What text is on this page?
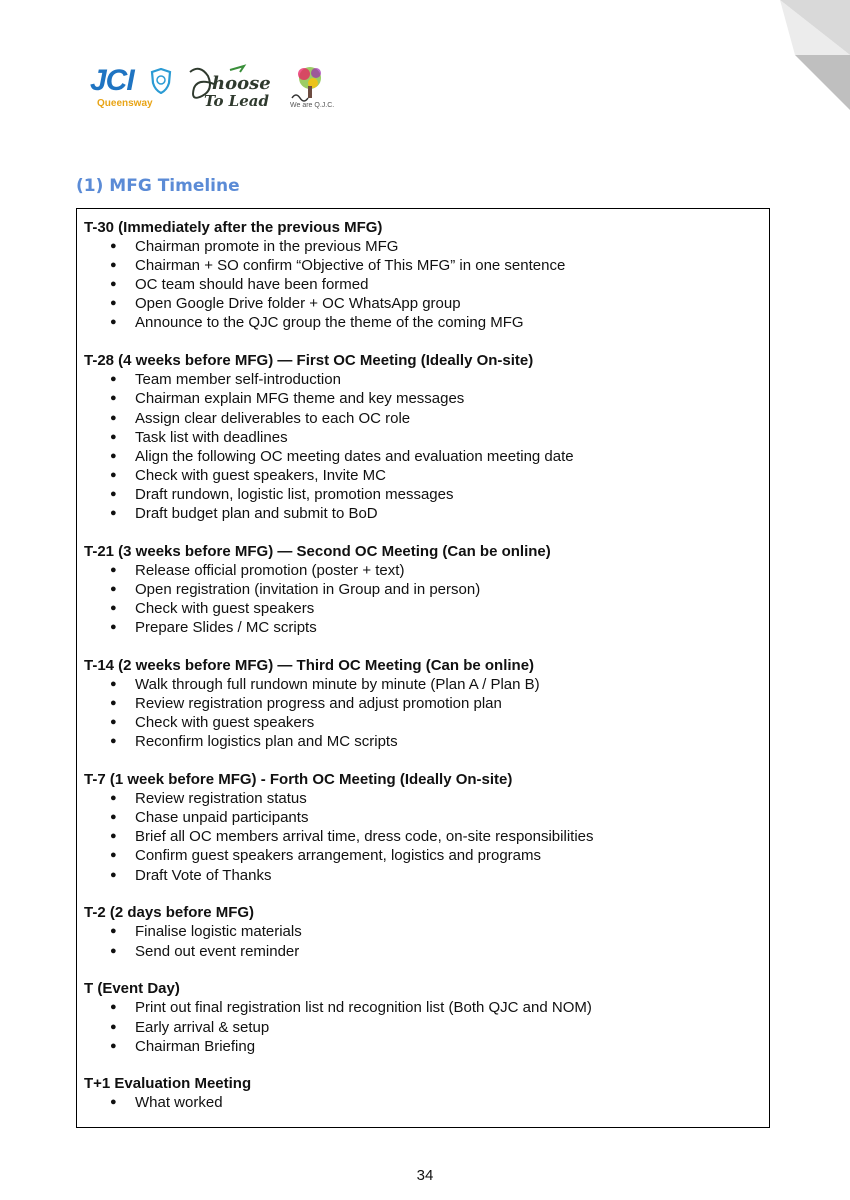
JCI
Queensway
hoose
To Lead	We are Q.J.C.
(1) MFG Timeline
T-30 (Immediately after the previous MFG)
● Chairman promote in the previous MFG
● Chairman + SO confirm “Objective of This MFG” in one sentence
● OC team should have been formed
● Open Google Drive folder + OC WhatsApp group
● Announce to the QJC group the theme of the coming MFG
T-28 (4 weeks before MFG) — First OC Meeting (Ideally On-site)
● Team member self-introduction
● Chairman explain MFG theme and key messages
● Assign clear deliverables to each OC role
● Task list with deadlines
● Align the following OC meeting dates and evaluation meeting date
● Check with guest speakers, Invite MC
● Draft rundown, logistic list, promotion messages
● Draft budget plan and submit to BoD
T-21 (3 weeks before MFG) — Second OC Meeting (Can be online)
● Release official promotion (poster + text)
● Open registration (invitation in Group and in person)
● Check with guest speakers
● Prepare Slides / MC scripts
T-14 (2 weeks before MFG) — Third OC Meeting (Can be online)
● Walk through full rundown minute by minute (Plan A / Plan B)
● Review registration progress and adjust promotion plan
● Check with guest speakers
● Reconfirm logistics plan and MC scripts
T-7 (1 week before MFG) - Forth OC Meeting (Ideally On-site)
● Review registration status
● Chase unpaid participants
● Brief all OC members arrival time, dress code, on-site responsibilities
● Confirm guest speakers arrangement, logistics and programs
● Draft Vote of Thanks
T-2 (2 days before MFG)
● Finalise logistic materials
● Send out event reminder
T (Event Day)
● Print out final registration list nd recognition list (Both QJC and NOM)
● Early arrival & setup
● Chairman Briefing
T+1 Evaluation Meeting
● What worked
34
